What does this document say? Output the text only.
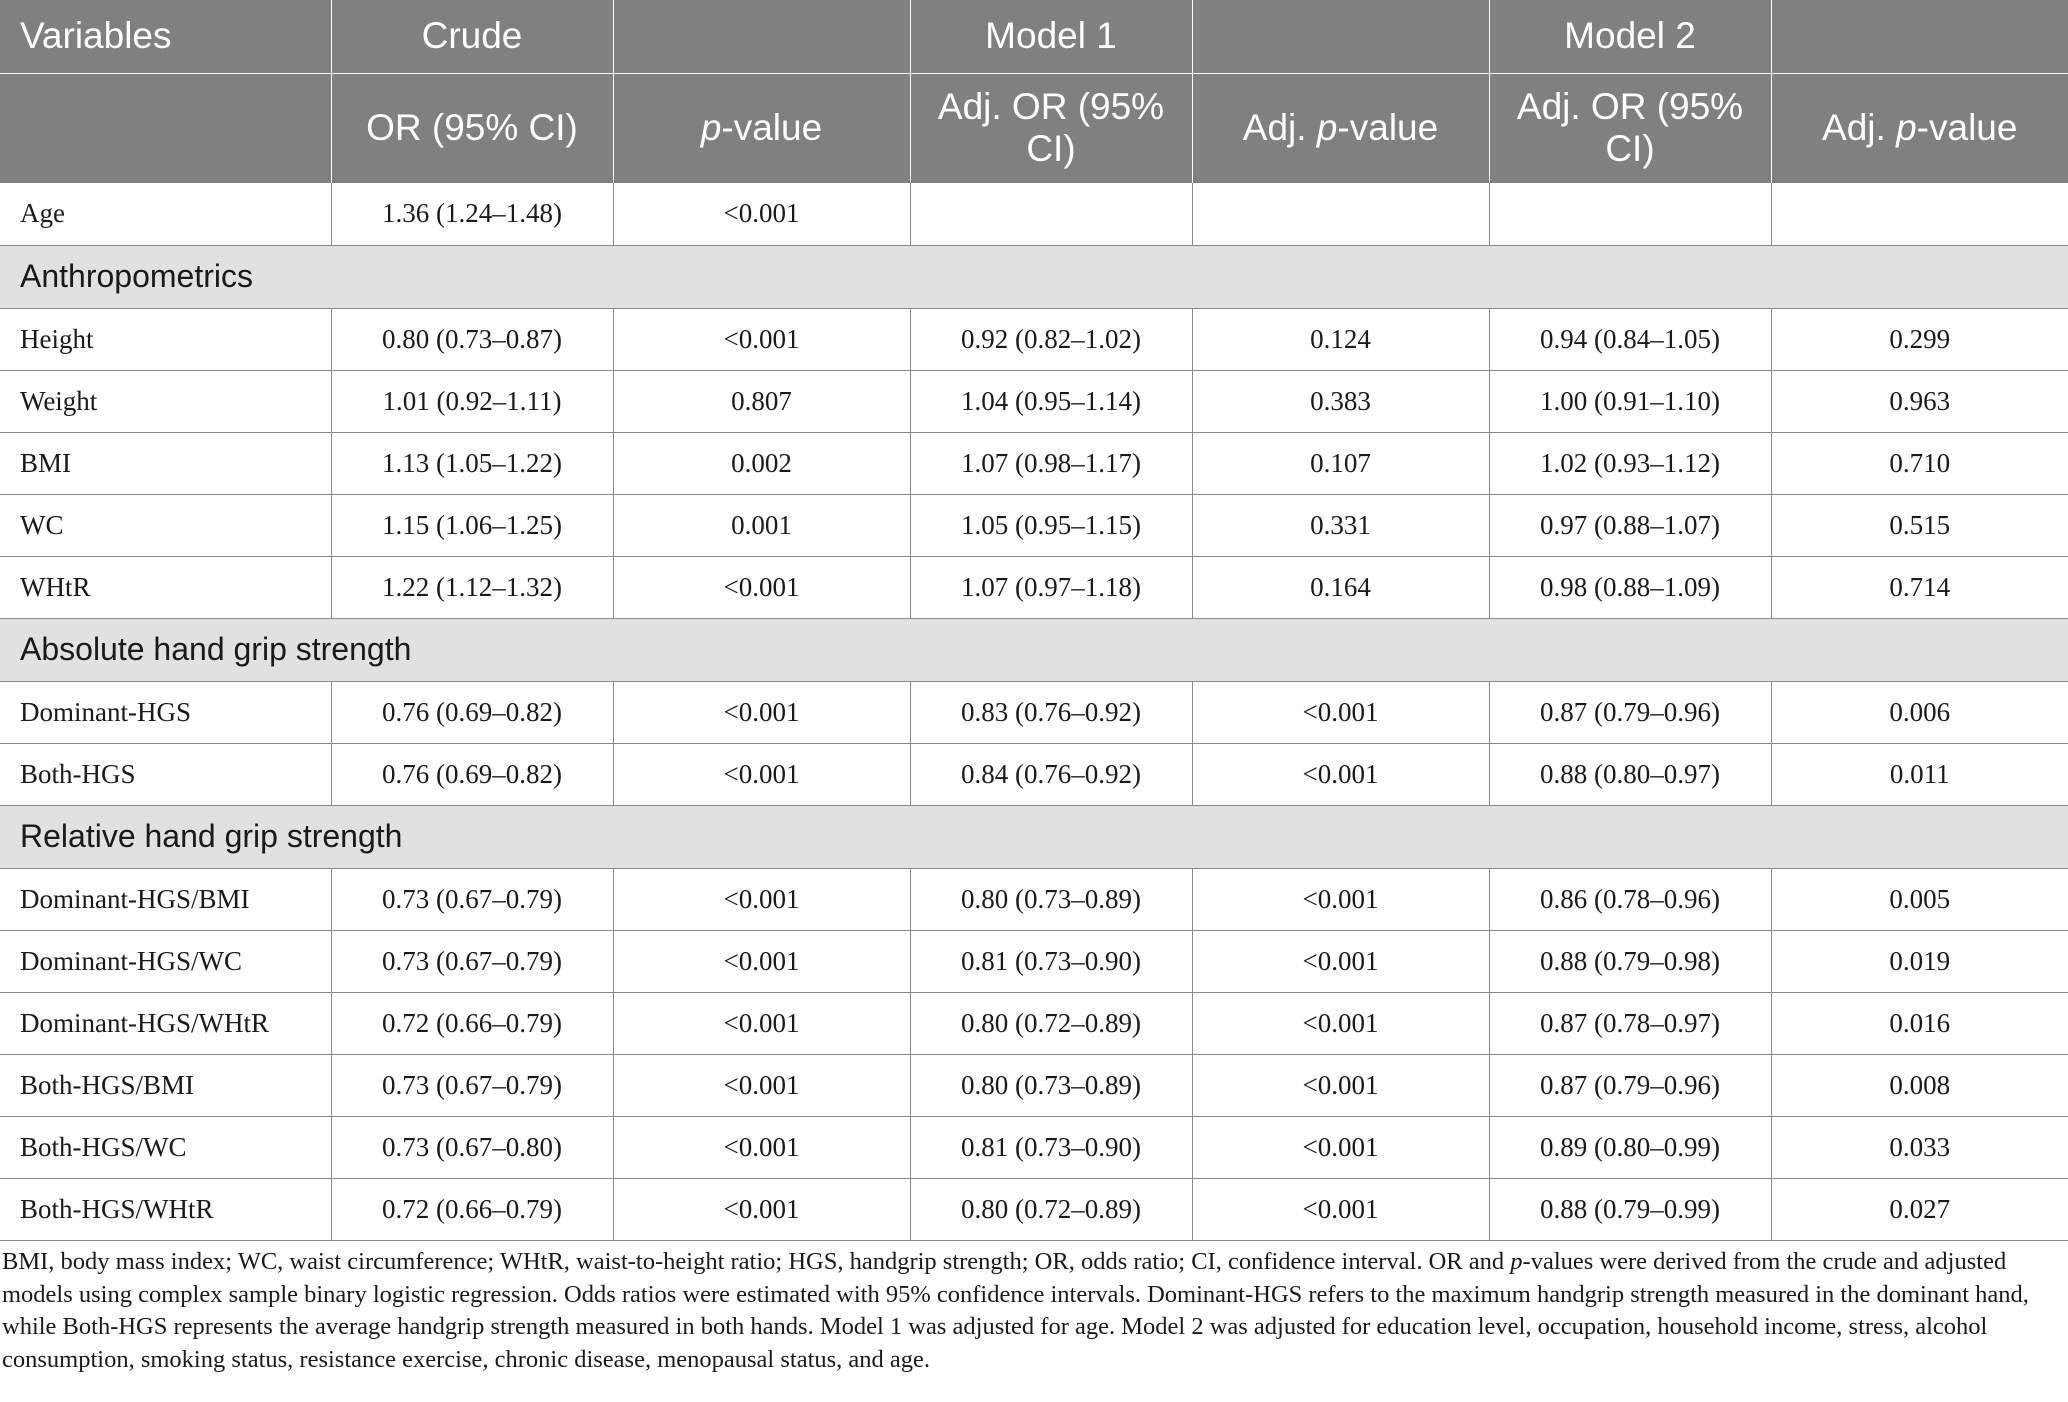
Variables	Crude		Model 1		Model 2	
	OR (95% CI)	p-value	Adj. OR (95% CI)	Adj. p-value	Adj. OR (95% CI)	Adj. p-value
Age	1.36 (1.24–1.48)	<0.001				
Anthropometrics						
Height	0.80 (0.73–0.87)	<0.001	0.92 (0.82–1.02)	0.124	0.94 (0.84–1.05)	0.299
Weight	1.01 (0.92–1.11)	0.807	1.04 (0.95–1.14)	0.383	1.00 (0.91–1.10)	0.963
BMI	1.13 (1.05–1.22)	0.002	1.07 (0.98–1.17)	0.107	1.02 (0.93–1.12)	0.710
WC	1.15 (1.06–1.25)	0.001	1.05 (0.95–1.15)	0.331	0.97 (0.88–1.07)	0.515
WHtR	1.22 (1.12–1.32)	<0.001	1.07 (0.97–1.18)	0.164	0.98 (0.88–1.09)	0.714
Absolute hand grip strength						
Dominant-HGS	0.76 (0.69–0.82)	<0.001	0.83 (0.76–0.92)	<0.001	0.87 (0.79–0.96)	0.006
Both-HGS	0.76 (0.69–0.82)	<0.001	0.84 (0.76–0.92)	<0.001	0.88 (0.80–0.97)	0.011
Relative hand grip strength						
Dominant-HGS/BMI	0.73 (0.67–0.79)	<0.001	0.80 (0.73–0.89)	<0.001	0.86 (0.78–0.96)	0.005
Dominant-HGS/WC	0.73 (0.67–0.79)	<0.001	0.81 (0.73–0.90)	<0.001	0.88 (0.79–0.98)	0.019
Dominant-HGS/WHtR	0.72 (0.66–0.79)	<0.001	0.80 (0.72–0.89)	<0.001	0.87 (0.78–0.97)	0.016
Both-HGS/BMI	0.73 (0.67–0.79)	<0.001	0.80 (0.73–0.89)	<0.001	0.87 (0.79–0.96)	0.008
Both-HGS/WC	0.73 (0.67–0.80)	<0.001	0.81 (0.73–0.90)	<0.001	0.89 (0.80–0.99)	0.033
Both-HGS/WHtR	0.72 (0.66–0.79)	<0.001	0.80 (0.72–0.89)	<0.001	0.88 (0.79–0.99)	0.027
BMI, body mass index; WC, waist circumference; WHtR, waist-to-height ratio; HGS, handgrip strength; OR, odds ratio; CI, confidence interval. OR and p-values were derived from the crude and adjusted models using complex sample binary logistic regression. Odds ratios were estimated with 95% confidence intervals. Dominant-HGS refers to the maximum handgrip strength measured in the dominant hand, while Both-HGS represents the average handgrip strength measured in both hands. Model 1 was adjusted for age. Model 2 was adjusted for education level, occupation, household income, stress, alcohol consumption, smoking status, resistance exercise, chronic disease, menopausal status, and age.
